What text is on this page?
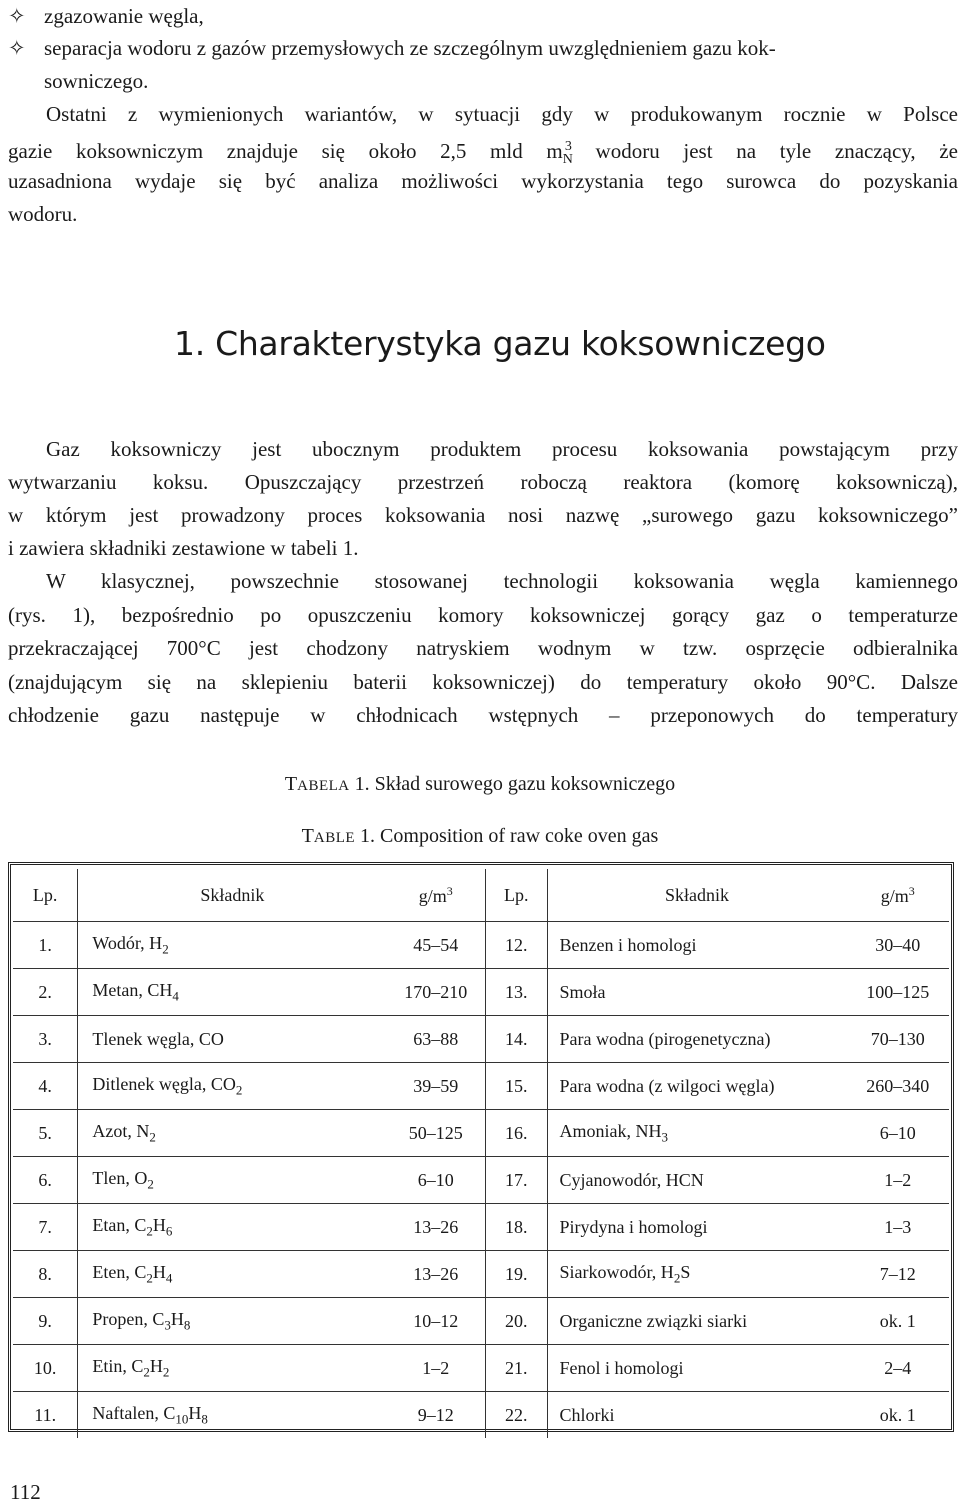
✧ zgazowanie węgla,
✧ separacja wodoru z gazów przemysłowych ze szczególnym uwzględnieniem gazu kok-
sowniczego.
Ostatni z wymienionych wariantów, w sytuacji gdy w produkowanym rocznie w Polsce
gazie koksowniczym znajduje się około 2,5 mld $m_N^3$ wodoru jest na tyle znaczący, że
uzasadniona wydaje się być analiza możliwości wykorzystania tego surowca do pozyskania
wodoru.
1. Charakterystyka gazu koksowniczego
Gaz koksowniczy jest ubocznym produktem procesu koksowania powstającym przy
wytwarzaniu koksu. Opuszczający przestrzeń roboczą reaktora (komorę koksowniczą),
w którym jest prowadzony proces koksowania nosi nazwę „surowego gazu koksowniczego”
i zawiera składniki zestawione w tabeli 1.
W klasycznej, powszechnie stosowanej technologii koksowania węgla kamiennego
(rys. 1), bezpośrednio po opuszczeniu komory koksowniczej gorący gaz o temperaturze
przekraczającej 700°C jest chodzony natryskiem wodnym w tzw. osprzęcie odbieralnika
(znajdującym się na sklepieniu baterii koksowniczej) do temperatury około 90°C. Dalsze
chłodzenie gazu następuje w chłodnicach wstępnych – przeponowych do temperatury
TABELA 1. Skład surowego gazu koksowniczego
TABLE 1. Composition of raw coke oven gas
Lp.	Składnik	$g/m^3$	Lp.	Składnik	$g/m^3$
1.	Wodór, $H_2$	45–54	12.	Benzen i homologi	30–40
2.	Metan, $CH_4$	170–210	13.	Smoła	100–125
3.	Tlenek węgla, CO	63–88	14.	Para wodna (pirogenetyczna)	70–130
4.	Ditlenek węgla, $CO_2$	39–59	15.	Para wodna (z wilgoci węgla)	260–340
5.	Azot, $N_2$	50–125	16.	Amoniak, $NH_3$	6–10
6.	Tlen, $O_2$	6–10	17.	Cyjanowodór, HCN	1–2
7.	Etan, $C_2H_6$	13–26	18.	Pirydyna i homologi	1–3
8.	Eten, $C_2H_4$	13–26	19.	Siarkowodór, $H_2S$	7–12
9.	Propen, $C_3H_8$	10–12	20.	Organiczne związki siarki	ok. 1
10.	Etin, $C_2H_2$	1–2	21.	Fenol i homologi	2–4
11.	Naftalen, $C_{10}H_8$	9–12	22.	Chlorki	ok. 1
112
